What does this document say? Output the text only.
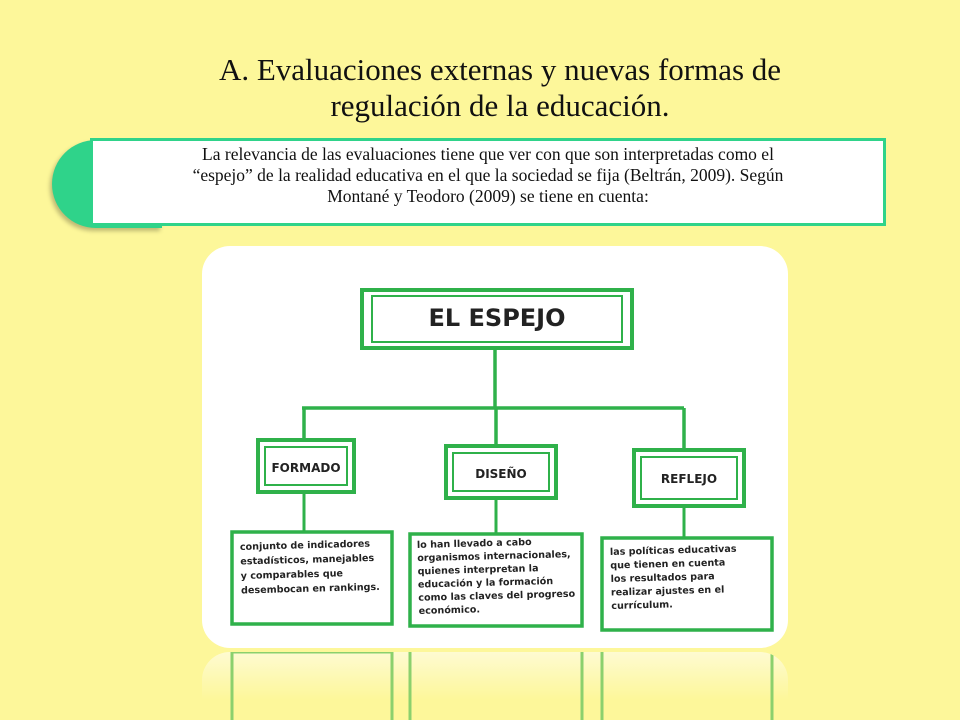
A. Evaluaciones externas y nuevas formas de
regulación de la educación.
La relevancia de las evaluaciones tiene que ver con que son interpretadas como el
“espejo” de la realidad educativa en el que la sociedad se fija (Beltrán, 2009). Según
Montané y Teodoro (2009) se tiene en cuenta:
EL ESPEJO
FORMADO	DISEÑO	REFLEJO
conjunto de indicadores
estadísticos, manejables
y comparables que
desembocan en rankings.
lo han llevado a cabo
organismos internacionales,
quienes interpretan la
educación y la formación
como las claves del progreso
económico.
las políticas educativas
que tienen en cuenta
los resultados para
realizar ajustes en el
currículum.
